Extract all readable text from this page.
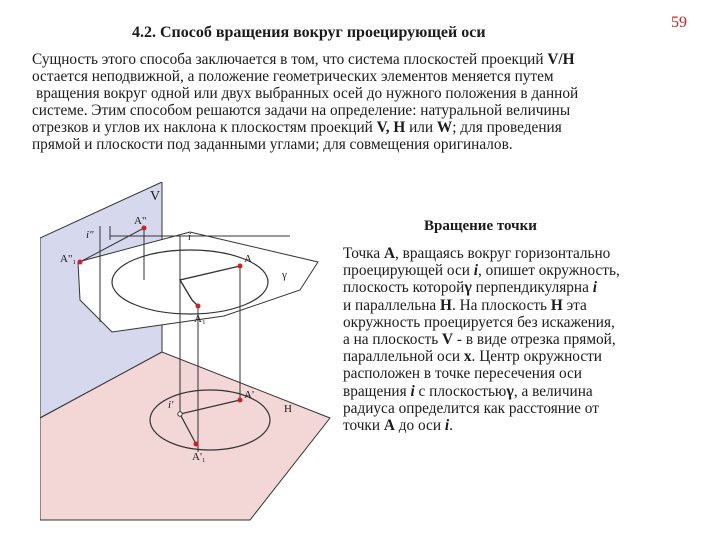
4.2. Способ вращения вокруг проецирующей оси
59
Сущность этого способа заключается в том, что система плоскостей проекций V/H
остается неподвижной, а положение геометрических элементов меняется путем
вращения вокруг одной или двух выбранных осей до нужного положения в данной
системе. Этим способом решаются задачи на определение: натуральной величины
отрезков и углов их наклона к плоскостям проекций V, H или W; для проведения
прямой и плоскости под заданными углами; для совмещения оригиналов.
V
i"
A"
A"₁
i
A
γ
A₁
i'
A'
H
A'₁
Вращение точки
Точка A, вращаясь вокруг горизонтально
проецирующей оси i, опишет окружность,
плоскость которойγ перпендикулярна i
и параллельна H. На плоскость H эта
окружность проецируется без искажения,
а на плоскость V - в виде отрезка прямой,
параллельной оси x. Центр окружности
расположен в точке пересечения оси
вращения i с плоскостьюγ, а величина
радиуса определится как расстояние от
точки A до оси i.
